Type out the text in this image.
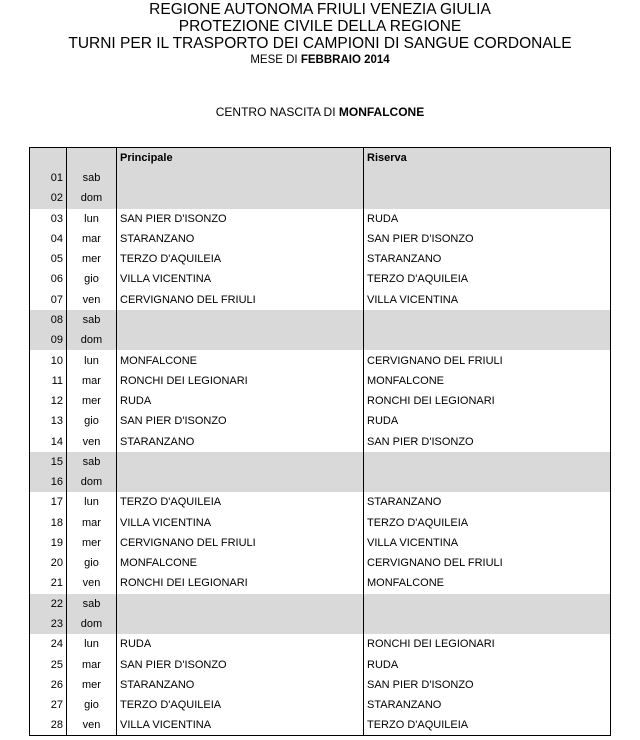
REGIONE AUTONOMA FRIULI VENEZIA GIULIA
PROTEZIONE CIVILE DELLA REGIONE
TURNI PER IL TRASPORTO DEI CAMPIONI DI SANGUE CORDONALE
MESE DI FEBBRAIO 2014
CENTRO NASCITA DI MONFALCONE
		Principale	Riserva
01	sab		
02	dom		
03	lun	SAN PIER D'ISONZO	RUDA
04	mar	STARANZANO	SAN PIER D'ISONZO
05	mer	TERZO D'AQUILEIA	STARANZANO
06	gio	VILLA VICENTINA	TERZO D'AQUILEIA
07	ven	CERVIGNANO DEL FRIULI	VILLA VICENTINA
08	sab		
09	dom		
10	lun	MONFALCONE	CERVIGNANO DEL FRIULI
11	mar	RONCHI DEI LEGIONARI	MONFALCONE
12	mer	RUDA	RONCHI DEI LEGIONARI
13	gio	SAN PIER D'ISONZO	RUDA
14	ven	STARANZANO	SAN PIER D'ISONZO
15	sab		
16	dom		
17	lun	TERZO D'AQUILEIA	STARANZANO
18	mar	VILLA VICENTINA	TERZO D'AQUILEIA
19	mer	CERVIGNANO DEL FRIULI	VILLA VICENTINA
20	gio	MONFALCONE	CERVIGNANO DEL FRIULI
21	ven	RONCHI DEI LEGIONARI	MONFALCONE
22	sab		
23	dom		
24	lun	RUDA	RONCHI DEI LEGIONARI
25	mar	SAN PIER D'ISONZO	RUDA
26	mer	STARANZANO	SAN PIER D'ISONZO
27	gio	TERZO D'AQUILEIA	STARANZANO
28	ven	VILLA VICENTINA	TERZO D'AQUILEIA
